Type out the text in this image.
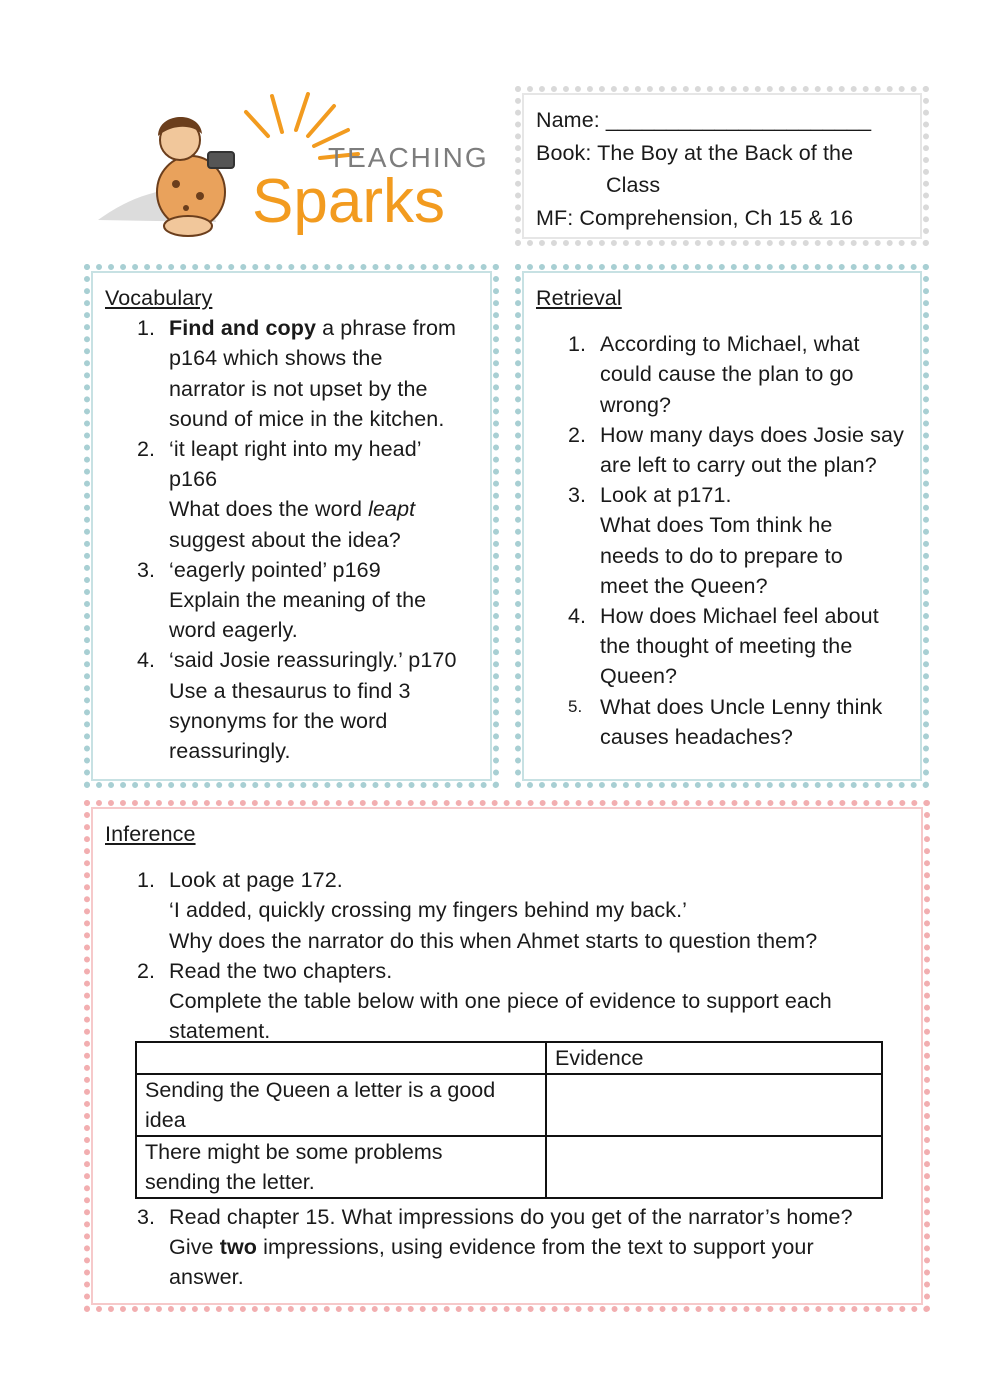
TEACHING
Sparks
Name: ______________________
Book: The Boy at the Back of the
Class
MF: Comprehension, Ch 15 & 16
Vocabulary
1. Find and copy a phrase from
p164 which shows the
narrator is not upset by the
sound of mice in the kitchen.
2. ‘it leapt right into my head’
p166
What does the word leapt
suggest about the idea?
3. ‘eagerly pointed’ p169
Explain the meaning of the
word eagerly.
4. ‘said Josie reassuringly.’ p170
Use a thesaurus to find 3
synonyms for the word
reassuringly.
Retrieval
1. According to Michael, what
could cause the plan to go
wrong?
2. How many days does Josie say
are left to carry out the plan?
3. Look at p171.
What does Tom think he
needs to do to prepare to
meet the Queen?
4. How does Michael feel about
the thought of meeting the
Queen?
5. What does Uncle Lenny think
causes headaches?
Inference
1. Look at page 172.
‘I added, quickly crossing my fingers behind my back.’
Why does the narrator do this when Ahmet starts to question them?
2. Read the two chapters.
Complete the table below with one piece of evidence to support each
statement.
	Evidence

Sending the Queen a letter is a good
idea	

There might be some problems
sending the letter.	

3. Read chapter 15. What impressions do you get of the narrator’s home?
Give two impressions, using evidence from the text to support your
answer.
